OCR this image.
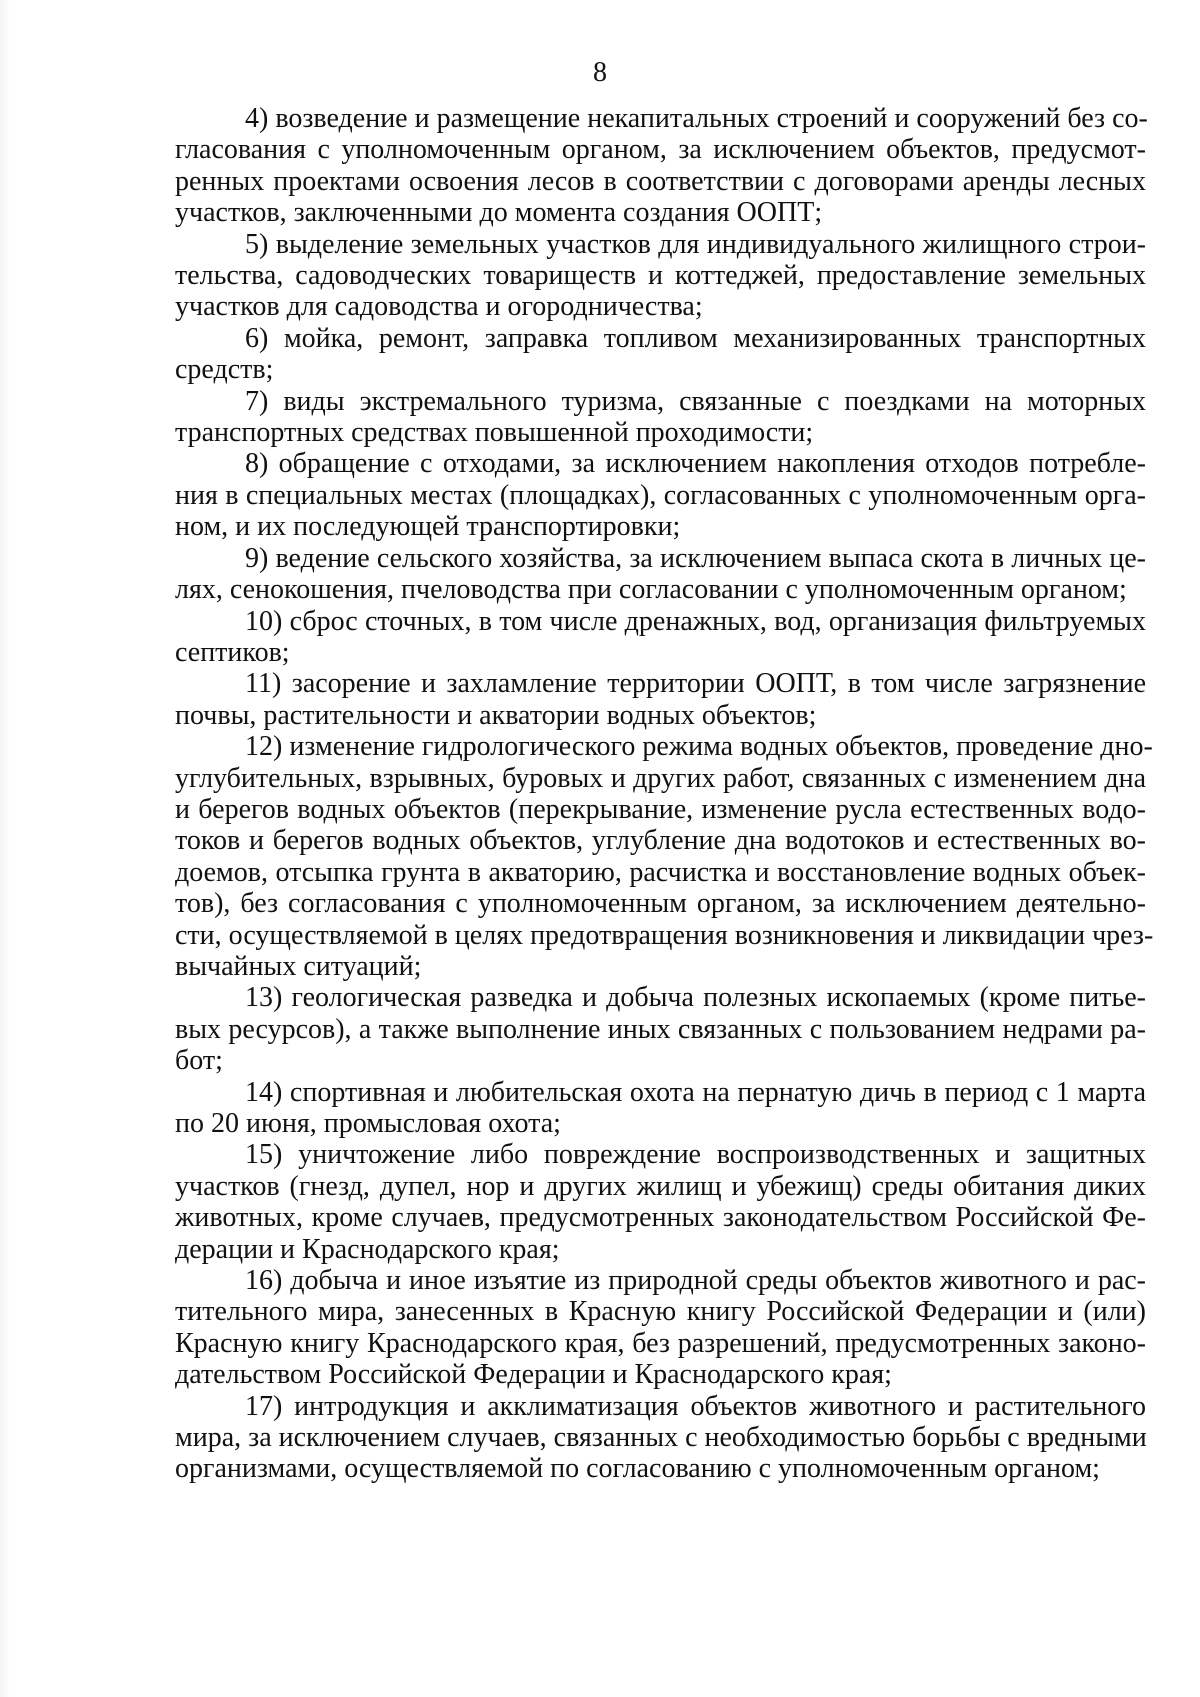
8
4) возведение и размещение некапитальных строений и сооружений без со-
гласования с уполномоченным органом, за исключением объектов, предусмот-
ренных проектами освоения лесов в соответствии с договорами аренды лесных
участков, заключенными до момента создания ООПТ;
5) выделение земельных участков для индивидуального жилищного строи-
тельства, садоводческих товариществ и коттеджей, предоставление земельных
участков для садоводства и огородничества;
6) мойка, ремонт, заправка топливом механизированных транспортных
средств;
7) виды экстремального туризма, связанные с поездками на моторных
транспортных средствах повышенной проходимости;
8) обращение с отходами, за исключением накопления отходов потребле-
ния в специальных местах (площадках), согласованных с уполномоченным орга-
ном, и их последующей транспортировки;
9) ведение сельского хозяйства, за исключением выпаса скота в личных це-
лях, сенокошения, пчеловодства при согласовании с уполномоченным органом;
10) сброс сточных, в том числе дренажных, вод, организация фильтруемых
септиков;
11) засорение и захламление территории ООПТ, в том числе загрязнение
почвы, растительности и акватории водных объектов;
12) изменение гидрологического режима водных объектов, проведение дно-
углубительных, взрывных, буровых и других работ, связанных с изменением дна
и берегов водных объектов (перекрывание, изменение русла естественных водо-
токов и берегов водных объектов, углубление дна водотоков и естественных во-
доемов, отсыпка грунта в акваторию, расчистка и восстановление водных объек-
тов), без согласования с уполномоченным органом, за исключением деятельно-
сти, осуществляемой в целях предотвращения возникновения и ликвидации чрез-
вычайных ситуаций;
13) геологическая разведка и добыча полезных ископаемых (кроме питье-
вых ресурсов), а также выполнение иных связанных с пользованием недрами ра-
бот;
14) спортивная и любительская охота на пернатую дичь в период с 1 марта
по 20 июня, промысловая охота;
15) уничтожение либо повреждение воспроизводственных и защитных
участков (гнезд, дупел, нор и других жилищ и убежищ) среды обитания диких
животных, кроме случаев, предусмотренных законодательством Российской Фе-
дерации и Краснодарского края;
16) добыча и иное изъятие из природной среды объектов животного и рас-
тительного мира, занесенных в Красную книгу Российской Федерации и (или)
Красную книгу Краснодарского края, без разрешений, предусмотренных законо-
дательством Российской Федерации и Краснодарского края;
17) интродукция и акклиматизация объектов животного и растительного
мира, за исключением случаев, связанных с необходимостью борьбы с вредными
организмами, осуществляемой по согласованию с уполномоченным органом;
